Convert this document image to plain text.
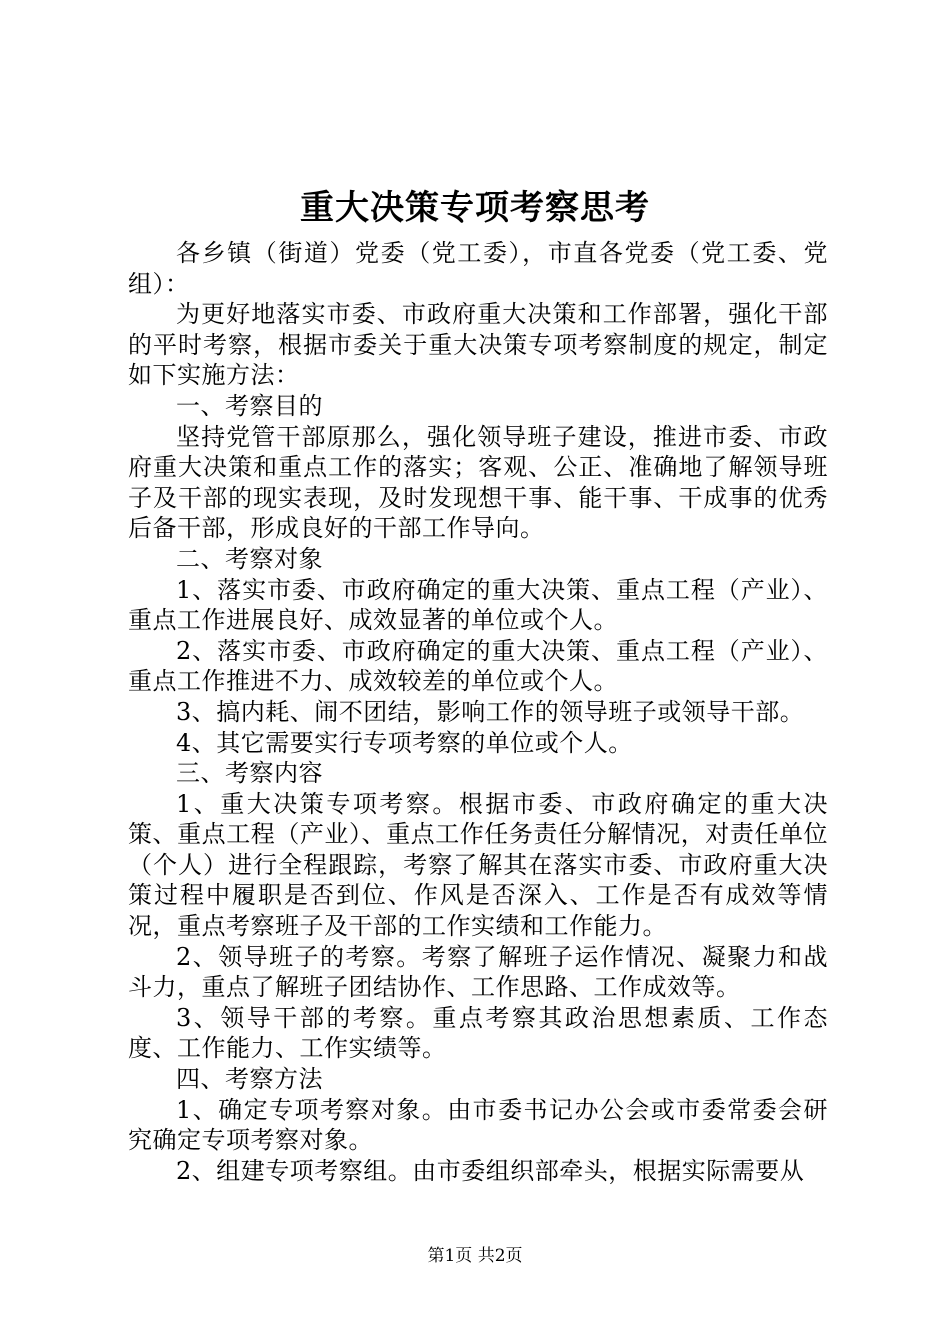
重大决策专项考察思考

各乡镇（街道）党委（党工委），市直各党委（党工委、党组）：

为更好地落实市委、市政府重大决策和工作部署，强化干部的平时考察，根据市委关于重大决策专项考察制度的规定，制定如下实施方法：

一、考察目的

坚持党管干部原那么，强化领导班子建设，推进市委、市政府重大决策和重点工作的落实；客观、公正、准确地了解领导班子及干部的现实表现，及时发现想干事、能干事、干成事的优秀后备干部，形成良好的干部工作导向。

二、考察对象

1、落实市委、市政府确定的重大决策、重点工程（产业）、重点工作进展良好、成效显著的单位或个人。

2、落实市委、市政府确定的重大决策、重点工程（产业）、重点工作推进不力、成效较差的单位或个人。

3、搞内耗、闹不团结，影响工作的领导班子或领导干部。

4、其它需要实行专项考察的单位或个人。

三、考察内容

1、重大决策专项考察。根据市委、市政府确定的重大决策、重点工程（产业）、重点工作任务责任分解情况，对责任单位（个人）进行全程跟踪，考察了解其在落实市委、市政府重大决策过程中履职是否到位、作风是否深入、工作是否有成效等情况，重点考察班子及干部的工作实绩和工作能力。

2、领导班子的考察。考察了解班子运作情况、凝聚力和战斗力，重点了解班子团结协作、工作思路、工作成效等。

3、领导干部的考察。重点考察其政治思想素质、工作态度、工作能力、工作实绩等。

四、考察方法

1、确定专项考察对象。由市委书记办公会或市委常委会研究确定专项考察对象。

2、组建专项考察组。由市委组织部牵头，根据实际需要从

第1页 共2页
